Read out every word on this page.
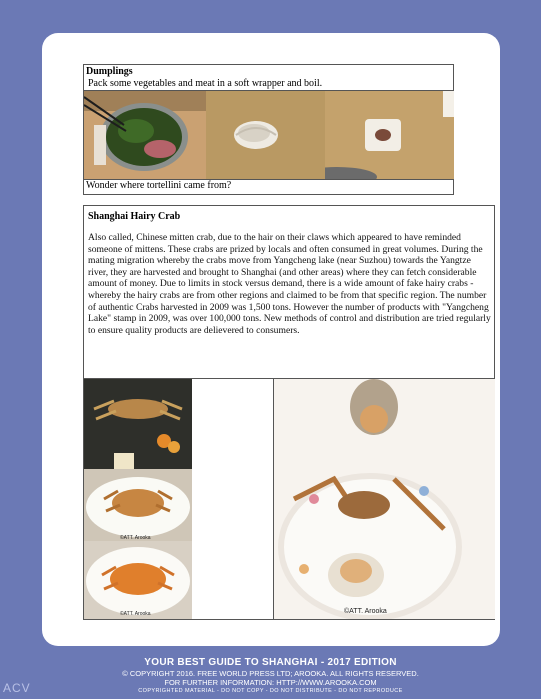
Dumplings
Pack some vegetables and meat in a soft wrapper and boil.
Wonder where tortellini came from?
Shanghai Hairy Crab
Also called, Chinese mitten crab, due to the hair on their claws which appeared to have reminded someone of mittens. These crabs are prized by locals and often consumed in great volumes. During the mating migration whereby the crabs move from Yangcheng lake (near Suzhou) towards the Yangtze river, they are harvested and brought to Shanghai (and other areas) where they can fetch considerable amount of money. Due to limits in stock versus demand, there is a wide amount of fake hairy crabs - whereby the hairy crabs are from other regions and claimed to be from that specific region. The number of authentic Crabs harvested in 2009 was 1,500 tons. However the number of products with "Yangcheng Lake" stamp in 2009, was over 100,000 tons. New methods of control and distribution are tried regularly to ensure quality products are delievered to consumers.
©ATT. Arooka
©ATT. Arooka	©ATT. Arooka
YOUR BEST GUIDE TO SHANGHAI - 2017 EDITION
© COPYRIGHT 2016. FREE WORLD PRESS LTD; AROOKA. ALL RIGHTS RESERVED.
FOR FURTHER INFORMATION: HTTP://WWW.AROOKA.COM
COPYRIGHTED MATERIAL - DO NOT COPY - DO NOT DISTRIBUTE - DO NOT REPRODUCE
ACV
